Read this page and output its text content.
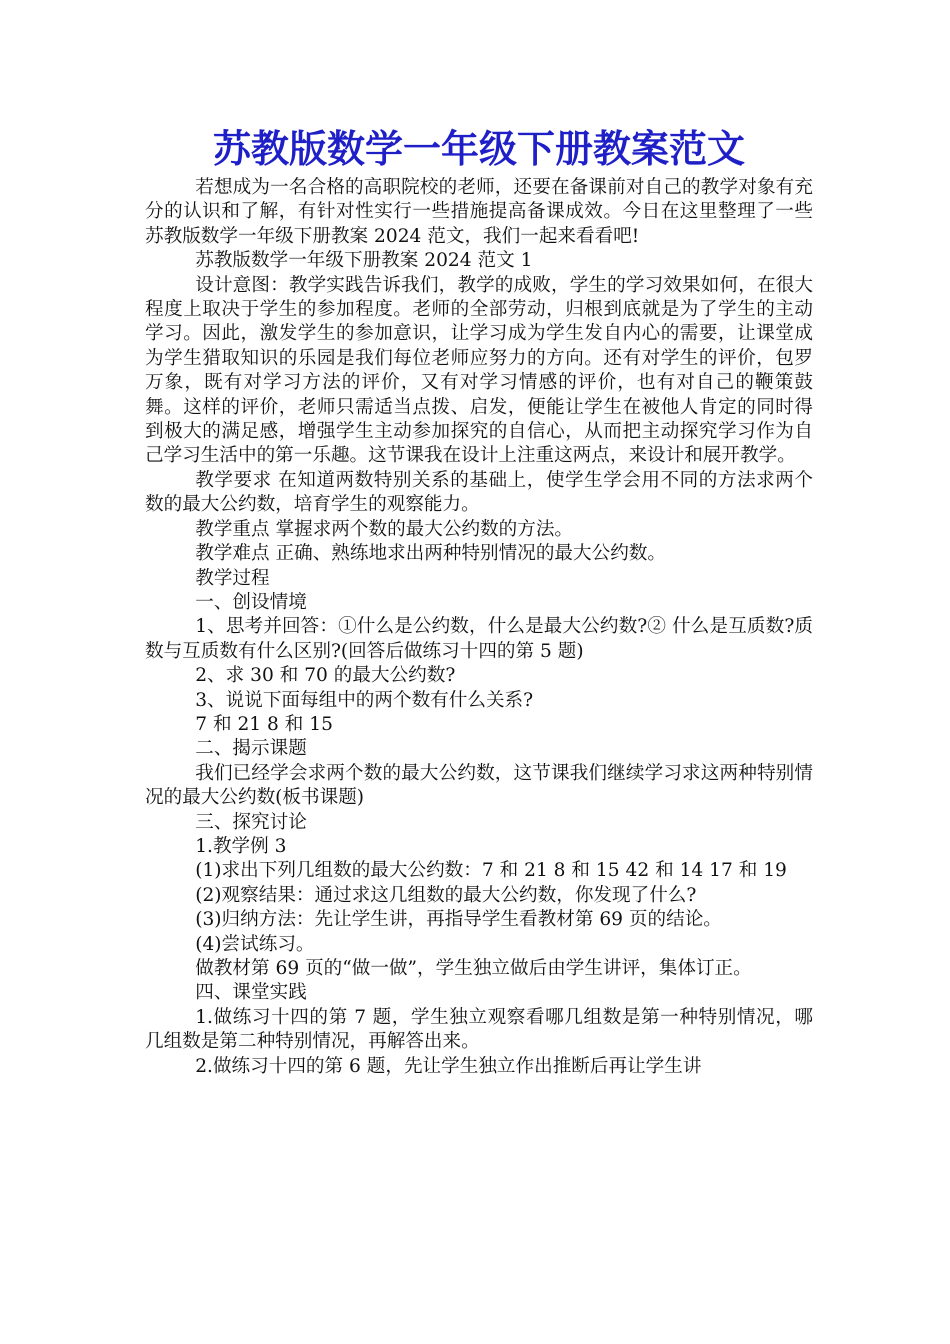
苏教版数学一年级下册教案范文

若想成为一名合格的高职院校的老师，还要在备课前对自己的教学对象有充分的认识和了解，有针对性实行一些措施提高备课成效。今日在这里整理了一些苏教版数学一年级下册教案 2024 范文，我们一起来看看吧!

苏教版数学一年级下册教案 2024 范文 1

设计意图：教学实践告诉我们，教学的成败，学生的学习效果如何，在很大程度上取决于学生的参加程度。老师的全部劳动，归根到底就是为了学生的主动学习。因此，激发学生的参加意识，让学习成为学生发自内心的需要，让课堂成为学生猎取知识的乐园是我们每位老师应努力的方向。还有对学生的评价，包罗万象，既有对学习方法的评价，又有对学习情感的评价，也有对自己的鞭策鼓舞。这样的评价，老师只需适当点拨、启发，便能让学生在被他人肯定的同时得到极大的满足感，增强学生主动参加探究的自信心，从而把主动探究学习作为自己学习生活中的第一乐趣。这节课我在设计上注重这两点，来设计和展开教学。

教学要求 在知道两数特别关系的基础上，使学生学会用不同的方法求两个数的最大公约数，培育学生的观察能力。

教学重点 掌握求两个数的最大公约数的方法。

教学难点 正确、熟练地求出两种特别情况的最大公约数。

教学过程

一、创设情境

1、思考并回答：①什么是公约数，什么是最大公约数?② 什么是互质数?质数与互质数有什么区别?(回答后做练习十四的第 5 题)

2、求 30 和 70 的最大公约数?

3、说说下面每组中的两个数有什么关系?

7 和 21 8 和 15

二、揭示课题

我们已经学会求两个数的最大公约数，这节课我们继续学习求这两种特别情况的最大公约数(板书课题)

三、探究讨论

1.教学例 3

(1)求出下列几组数的最大公约数：7 和 21 8 和 15 42 和 14 17 和 19

(2)观察结果：通过求这几组数的最大公约数，你发现了什么?

(3)归纳方法：先让学生讲，再指导学生看教材第 69 页的结论。

(4)尝试练习。

做教材第 69 页的“做一做”，学生独立做后由学生讲评，集体订正。

四、课堂实践

1.做练习十四的第 7 题，学生独立观察看哪几组数是第一种特别情况，哪几组数是第二种特别情况，再解答出来。

2.做练习十四的第 6 题，先让学生独立作出推断后再让学生讲
